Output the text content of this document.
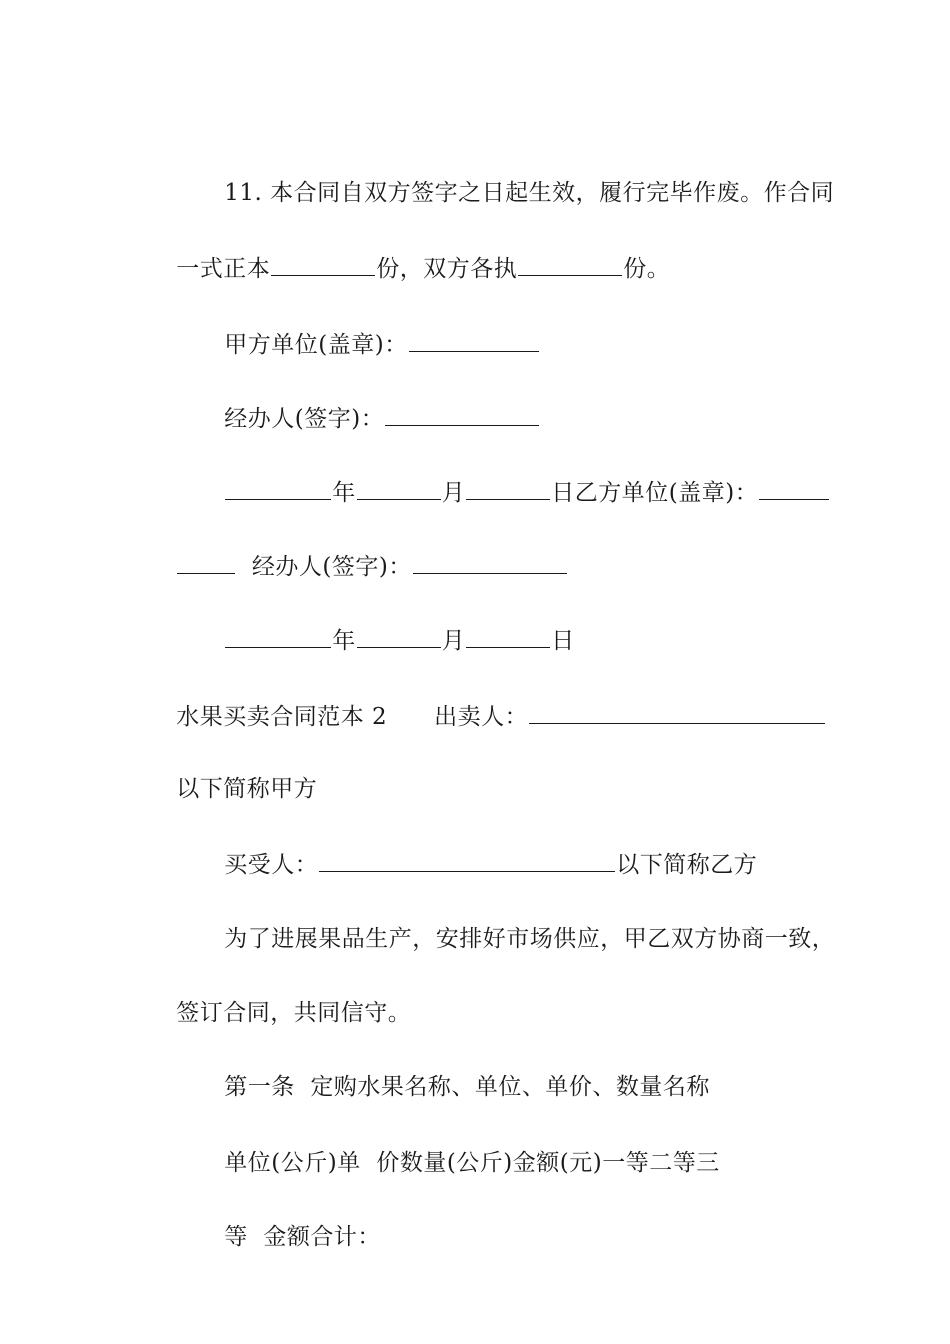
11. 本合同自双方签字之日起生效，履行完毕作废。作合同

一式正本	份，双方各执	份。

甲方单位(盖章)：

经办人(签字)：

年	月	日乙方单位(盖章)：

经办人(签字)：

年	月	日

水果买卖合同范本 2 出卖人：

以下简称甲方

买受人：	以下简称乙方

为了进展果品生产，安排好市场供应，甲乙双方协商一致，

签订合同，共同信守。

第一条  定购水果名称、单位、单价、数量名称

单位(公斤)单  价数量(公斤)金额(元)一等二等三

等  金额合计：
